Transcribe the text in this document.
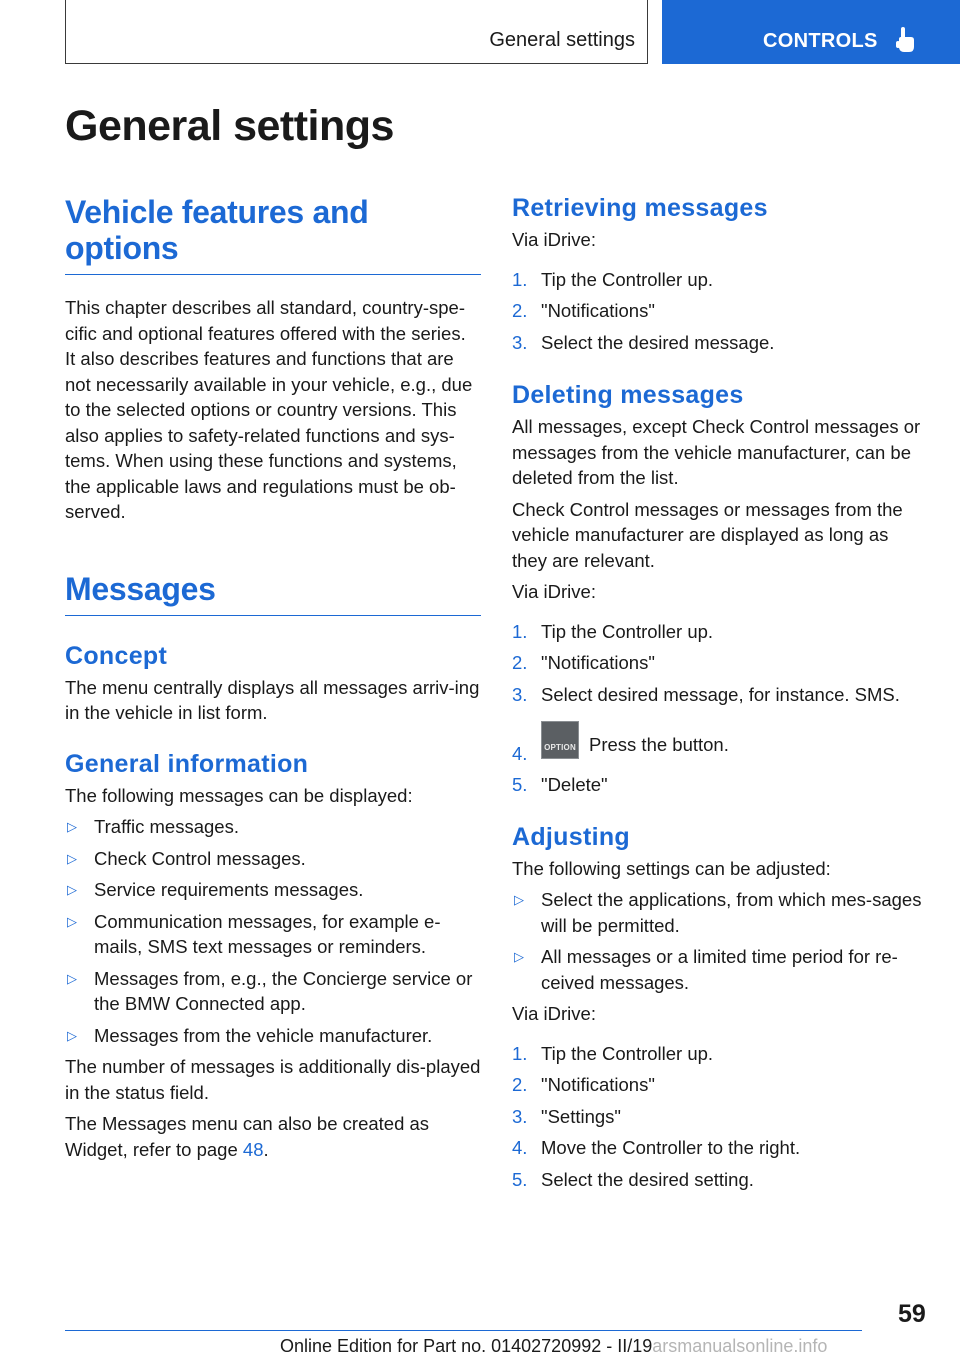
General settings	CONTROLS
General settings
Vehicle features and
options

This chapter describes all standard, country-spe-cific and optional features offered with the series. It also describes features and functions that are not necessarily available in your vehicle, e.g., due to the selected options or country versions. This also applies to safety-related functions and sys-tems. When using these functions and systems, the applicable laws and regulations must be ob-served.

Messages
Concept

The menu centrally displays all messages arriv-ing in the vehicle in list form.

General information

The following messages can be displayed:

▷ Traffic messages.
▷ Check Control messages.
▷ Service requirements messages.
▷ Communication messages, for example e-mails, SMS text messages or reminders.
▷ Messages from, e.g., the Concierge service or the BMW Connected app.
▷ Messages from the vehicle manufacturer.

The number of messages is additionally dis-played in the status field.

The Messages menu can also be created as Widget, refer to page 48.

Retrieving messages

Via iDrive:

1. Tip the Controller up.
2. "Notifications"
3. Select the desired message.
Deleting messages

All messages, except Check Control messages or messages from the vehicle manufacturer, can be deleted from the list.

Check Control messages or messages from the vehicle manufacturer are displayed as long as they are relevant.

Via iDrive:

1. Tip the Controller up.
2. "Notifications"
3. Select desired message, for instance. SMS.
4. OPTION Press the button.
5. "Delete"
Adjusting

The following settings can be adjusted:

▷ Select the applications, from which mes-sages will be permitted.
▷ All messages or a limited time period for re-ceived messages.

Via iDrive:

1. Tip the Controller up.
2. "Notifications"
3. "Settings"
4. Move the Controller to the right.
5. Select the desired setting.
59
Online Edition for Part no. 01402720992 - II/19arsmanualsonline.info
